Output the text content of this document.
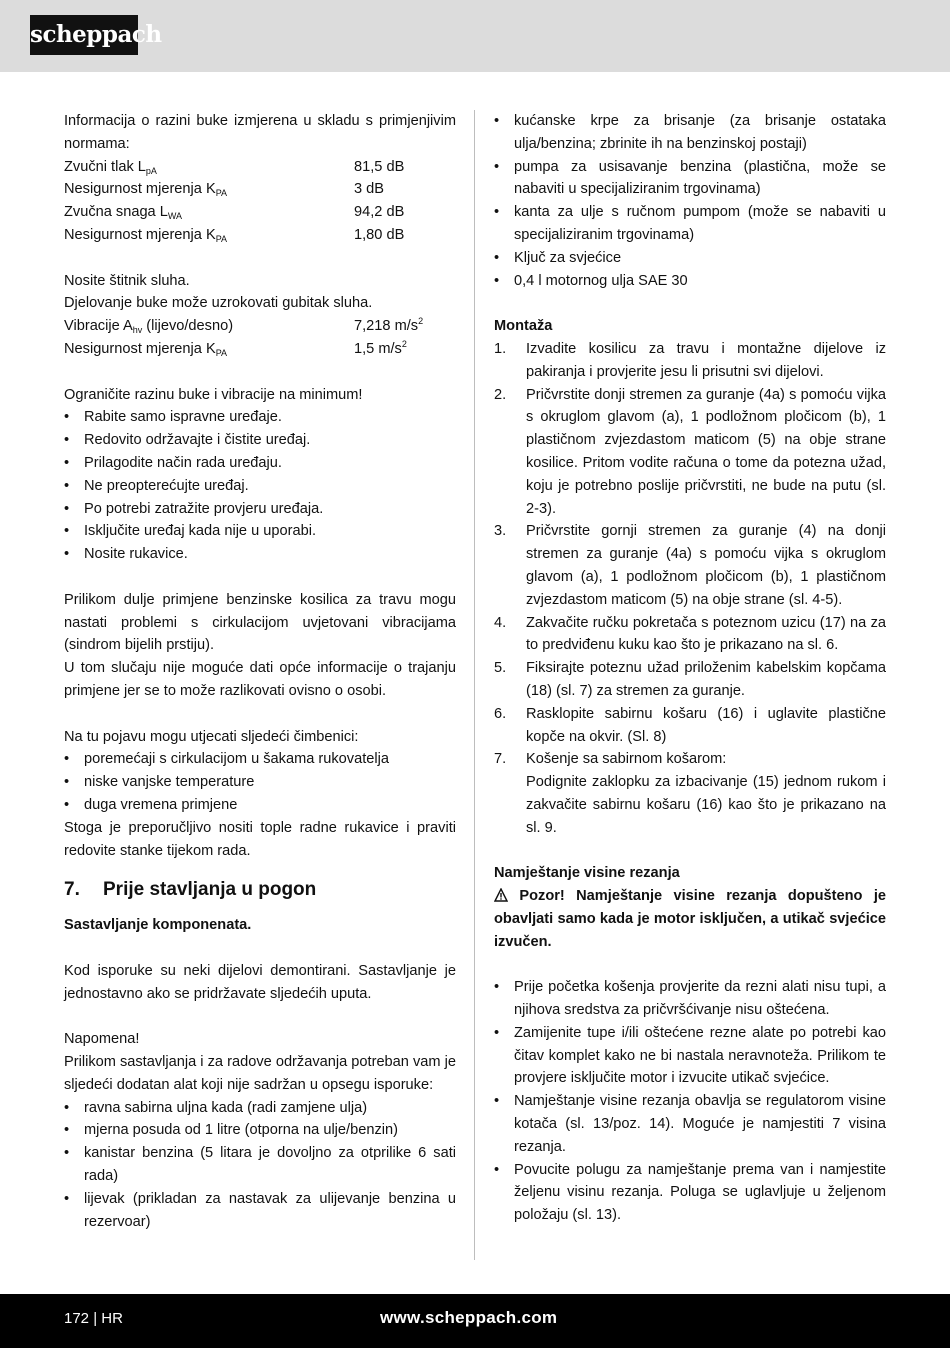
scheppach

Informacija o razini buke izmjerena u skladu s primjenjivim normama:

Zvučni tlak $L_{pA}$	81,5 dB
Nesigurnost mjerenja $K_{PA}$	3 dB
Zvučna snaga $L_{WA}$	94,2 dB
Nesigurnost mjerenja $K_{PA}$	1,80 dB

Nosite štitnik sluha.

Djelovanje buke može uzrokovati gubitak sluha.

Vibracije $A_{hv}$ (lijevo/desno)	7,218 $m/s^2$
Nesigurnost mjerenja $K_{PA}$	1,5 $m/s^2$

Ograničite razinu buke i vibracije na minimum!

• Rabite samo ispravne uređaje.
• Redovito održavajte i čistite uređaj.
• Prilagodite način rada uređaju.
• Ne preopterećujte uređaj.
• Po potrebi zatražite provjeru uređaja.
• Isključite uređaj kada nije u uporabi.
• Nosite rukavice.

Prilikom dulje primjene benzinske kosilica za travu mogu nastati problemi s cirkulacijom uvjetovani vibracijama (sindrom bijelih prstiju).

U tom slučaju nije moguće dati opće informacije o trajanju primjene jer se to može razlikovati ovisno o osobi.

Na tu pojavu mogu utjecati sljedeći čimbenici:

• poremećaji s cirkulacijom u šakama rukovatelja
• niske vanjske temperature
• duga vremena primjene

Stoga je preporučljivo nositi tople radne rukavice i praviti redovite stanke tijekom rada.

7. Prije stavljanja u pogon

Sastavljanje komponenata.

Kod isporuke su neki dijelovi demontirani. Sastavljanje je jednostavno ako se pridržavate sljedećih uputa.

Napomena!

Prilikom sastavljanja i za radove održavanja potreban vam je sljedeći dodatan alat koji nije sadržan u opsegu isporuke:

• ravna sabirna uljna kada (radi zamjene ulja)
• mjerna posuda od 1 litre (otporna na ulje/benzin)
• kanistar benzina (5 litara je dovoljno za otprilike 6 sati rada)
• lijevak (prikladan za nastavak za ulijevanje benzina u rezervoar)
• kućanske krpe za brisanje (za brisanje ostataka ulja/benzina; zbrinite ih na benzinskoj postaji)
• pumpa za usisavanje benzina (plastična, može se nabaviti u specijaliziranim trgovinama)
• kanta za ulje s ručnom pumpom (može se nabaviti u specijaliziranim trgovinama)
• Ključ za svjećice
• 0,4 l motornog ulja SAE 30

Montaža

1. Izvadite kosilicu za travu i montažne dijelove iz pakiranja i provjerite jesu li prisutni svi dijelovi.
2. Pričvrstite donji stremen za guranje (4a) s pomoću vijka s okruglom glavom (a), 1 podložnom pločicom (b), 1 plastičnom zvjezdastom maticom (5) na obje strane kosilice. Pritom vodite računa o tome da potezna užad, koju je potrebno poslije pričvrstiti, ne bude na putu (sl. 2-3).
3. Pričvrstite gornji stremen za guranje (4) na donji stremen za guranje (4a) s pomoću vijka s okruglom glavom (a), 1 podložnom pločicom (b), 1 plastičnom zvjezdastom maticom (5) na obje strane (sl. 4-5).
4. Zakvačite ručku pokretača s poteznom uzicu (17) na za to predviđenu kuku kao što je prikazano na sl. 6.
5. Fiksirajte poteznu užad priloženim kabelskim kopčama (18) (sl. 7) za stremen za guranje.
6. Rasklopite sabirnu košaru (16) i uglavite plastične kopče na okvir. (Sl. 8)
7. Košenje sa sabirnom košarom:
Podignite zaklopku za izbacivanje (15) jednom rukom i zakvačite sabirnu košaru (16) kao što je prikazano na sl. 9.

Namještanje visine rezanja

Pozor! Namještanje visine rezanja dopušteno je obavljati samo kada je motor isključen, a utikač svjećice izvučen.

• Prije početka košenja provjerite da rezni alati nisu tupi, a njihova sredstva za pričvršćivanje nisu oštećena.
• Zamijenite tupe i/ili oštećene rezne alate po potrebi kao čitav komplet kako ne bi nastala neravnoteža. Prilikom te provjere isključite motor i izvucite utikač svjećice.
• Namještanje visine rezanja obavlja se regulatorom visine kotača (sl. 13/poz. 14). Moguće je namjestiti 7 visina rezanja.
• Povucite polugu za namještanje prema van i namjestite željenu visinu rezanja. Poluga se uglavljuje u željenom položaju (sl. 13).
172 | HR	www.scheppach.com
